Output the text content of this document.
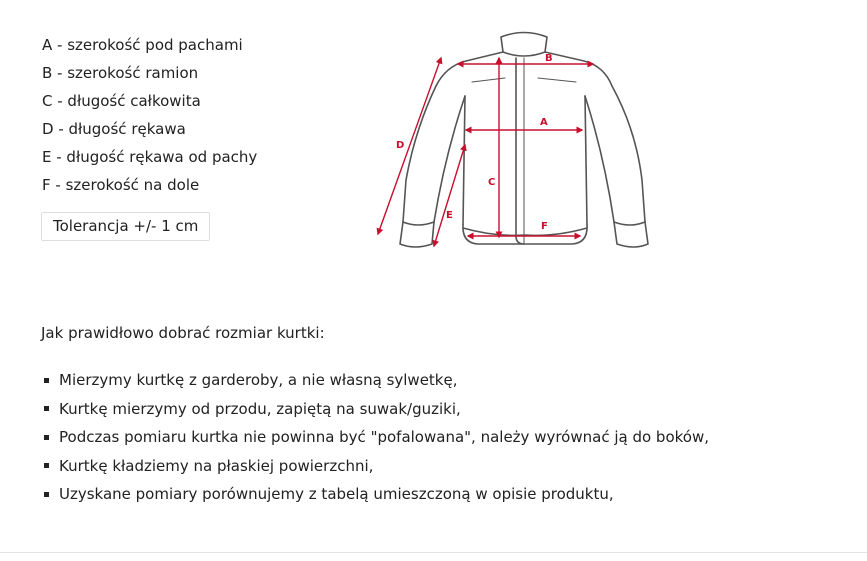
A - szerokość pod pachami
B - szerokość ramion
C - długość całkowita
D - długość rękawa
E - długość rękawa od pachy
F - szerokość na dole
Tolerancja +/- 1 cm
A
B
C
D
E
F
Jak prawidłowo dobrać rozmiar kurtki:
Mierzymy kurtkę z garderoby, a nie własną sylwetkę,
Kurtkę mierzymy od przodu, zapiętą na suwak/guziki,
Podczas pomiaru kurtka nie powinna być "pofalowana", należy wyrównać ją do boków,
Kurtkę kładziemy na płaskiej powierzchni,
Uzyskane pomiary porównujemy z tabelą umieszczoną w opisie produktu,
